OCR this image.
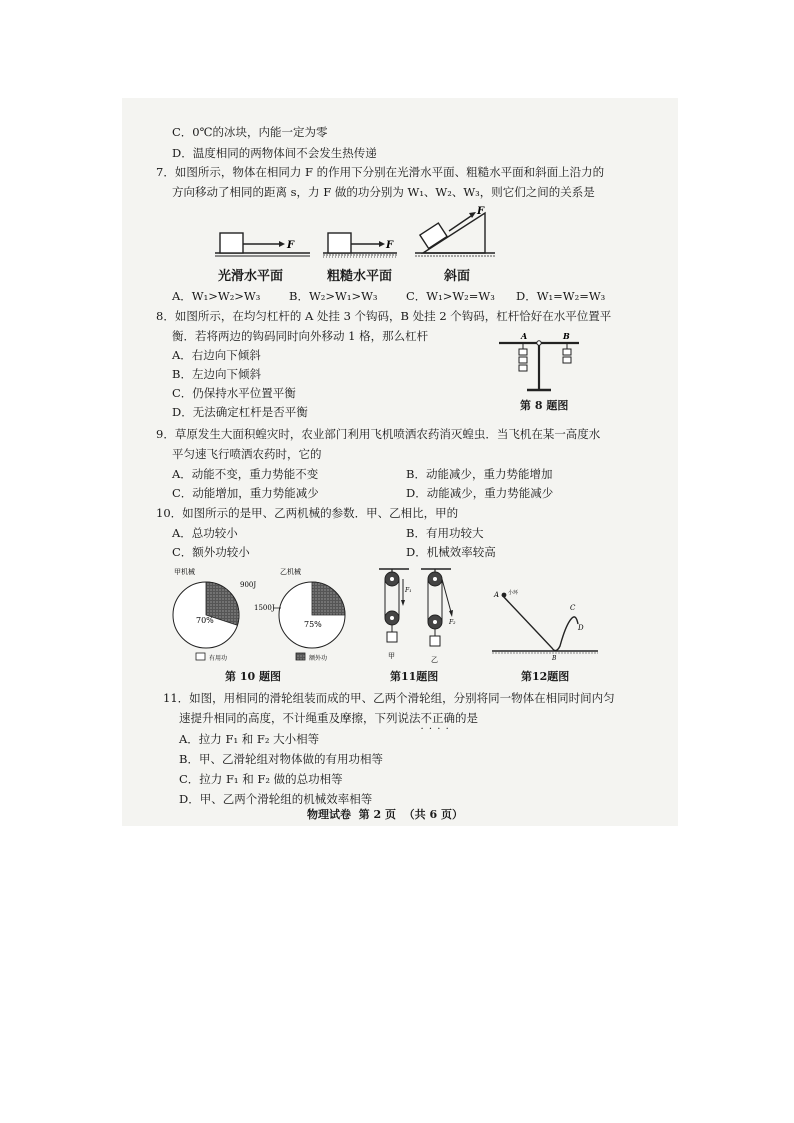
C．0℃的冰块，内能一定为零
D．温度相同的两物体间不会发生热传递
7．如图所示，物体在相同力 F 的作用下分别在光滑水平面、粗糙水平面和斜面上沿力的
方向移动了相同的距离 s，力 F 做的功分别为 W₁、W₂、W₃，则它们之间的关系是
F	F
F
光滑水平面	粗糙水平面	斜面
A．W₁>W₂>W₃ B．W₂>W₁>W₃ C．W₁>W₂=W₃ D．W₁=W₂=W₃
8．如图所示，在均匀杠杆的 A 处挂 3 个钩码，B 处挂 2 个钩码，杠杆恰好在水平位置平
衡．若将两边的钩码同时向外移动 1 格，那么杠杆
A．右边向下倾斜
B．左边向下倾斜
C．仍保持水平位置平衡
D．无法确定杠杆是否平衡
A	B
第 8 题图
9．草原发生大面积蝗灾时，农业部门利用飞机喷洒农药消灭蝗虫．当飞机在某一高度水
平匀速飞行喷洒农药时，它的
A．动能不变，重力势能不变	B．动能减少，重力势能增加
C．动能增加，重力势能减少	D．动能减少，重力势能减少
10．如图所示的是甲、乙两机械的参数．甲、乙相比，甲的
A．总功较小	B．有用功较大
C．额外功较小	D．机械效率较高
甲机械
900J
70%
乙机械
1500J
75%
有用功	额外功
第 10 题图
F₁
F₂
甲	乙
第11题图
A 小环
B
C
D
第12题图
11．如图，用相同的滑轮组装而成的甲、乙两个滑轮组，分别将同一物体在相同时间内匀
速提升相同的高度，不计绳重及摩擦，下列说法不正确 · · · ·的是
A．拉力 F₁ 和 F₂ 大小相等
B．甲、乙滑轮组对物体做的有用功相等
C．拉力 F₁ 和 F₂ 做的总功相等
D．甲、乙两个滑轮组的机械效率相等
物理试卷 第 2 页 （共 6 页）
